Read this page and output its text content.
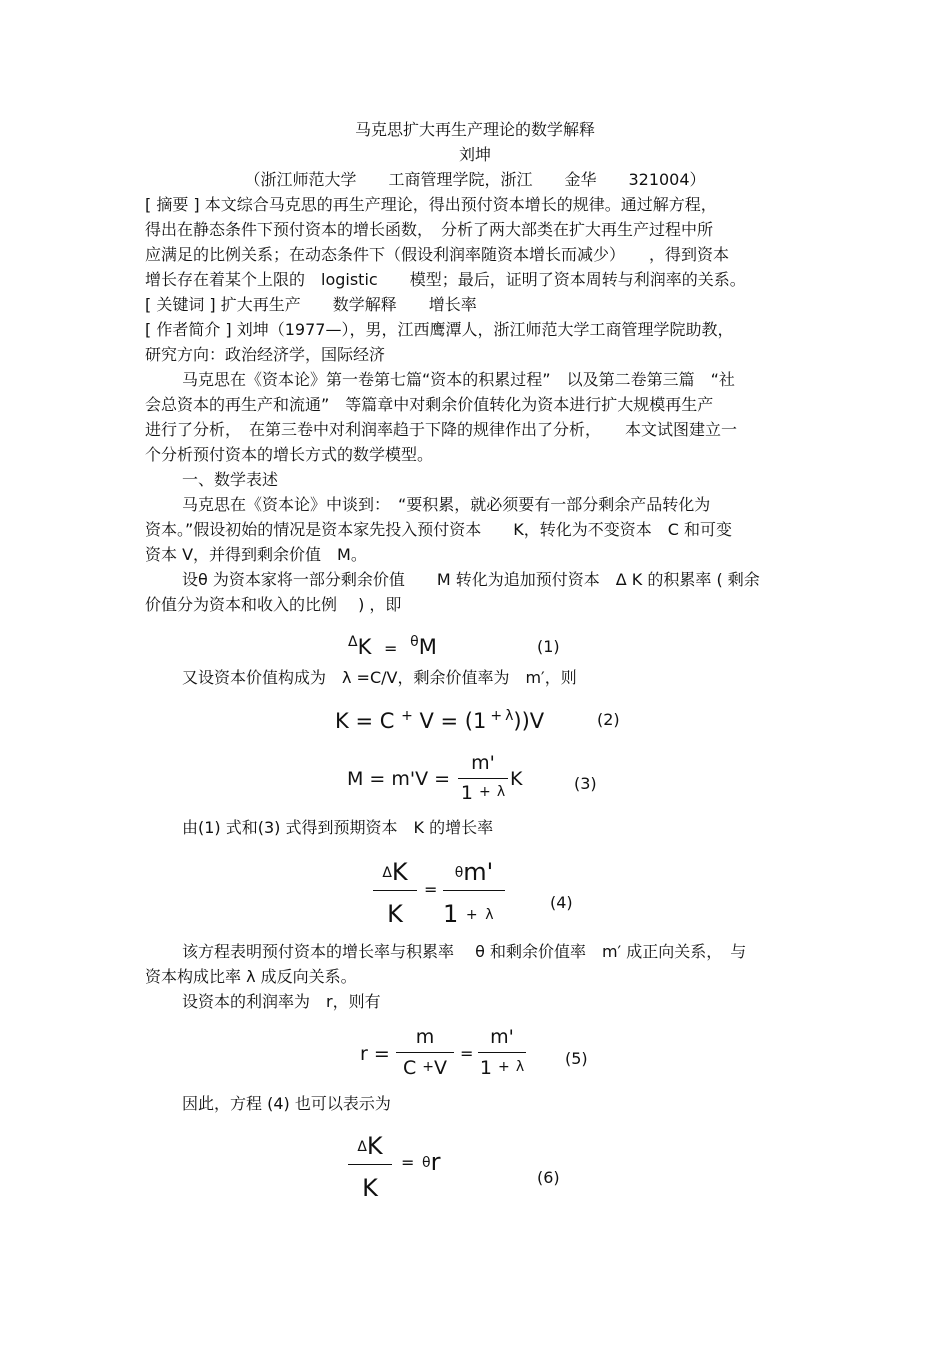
马克思扩大再生产理论的数学解释
刘坤
（浙江师范大学　　工商管理学院，浙江　　金华　　321004）
[ 摘要 ] 本文综合马克思的再生产理论，得出预付资本增长的规律。通过解方程，
得出在静态条件下预付资本的增长函数，　分析了两大部类在扩大再生产过程中所
应满足的比例关系；在动态条件下（假设利润率随资本增长而减少）　　，得到资本
增长存在着某个上限的　logistic　　模型；最后，证明了资本周转与利润率的关系。
[ 关键词 ] 扩大再生产　　数学解释　　增长率
[ 作者简介 ] 刘坤（1977—），男，江西鹰潭人，浙江师范大学工商管理学院助教，
研究方向：政治经济学，国际经济
马克思在《资本论》第一卷第七篇“资本的积累过程”　以及第二卷第三篇　“社
会总资本的再生产和流通”　等篇章中对剩余价值转化为资本进行扩大规模再生产
进行了分析，　在第三卷中对利润率趋于下降的规律作出了分析，　　本文试图建立一
个分析预付资本的增长方式的数学模型。
一、数学表述
马克思在《资本论》中谈到：　“要积累，就必须要有一部分剩余产品转化为
资本。”假设初始的情况是资本家先投入预付资本　　K，转化为不变资本　C 和可变
资本 V，并得到剩余价值　M。
设θ 为资本家将一部分剩余价值　　M 转化为追加预付资本　Δ K 的积累率 ( 剩余
价值分为资本和收入的比例　 ) ，即
$^\Delta$K = $^\theta$M	(1)
又设资本价值构成为　λ =C/V，剩余价值率为　m′，则
K = C + V = (1 + $^\lambda$))V	(2)
M = m'V =
m'
1 + λ
K	(3)
由(1) 式和(3) 式得到预期资本　K 的增长率
ΔK
K
=
θm'
1 + λ
(4)
该方程表明预付资本的增长率与积累率　 θ 和剩余价值率　m′ 成正向关系，　与
资本构成比率 λ 成反向关系。
设资本的利润率为　r，则有
r =
m
C +V
=
m'
1 + λ	(5)
因此，方程 (4) 也可以表示为
ΔK
K
= θr
(6)
